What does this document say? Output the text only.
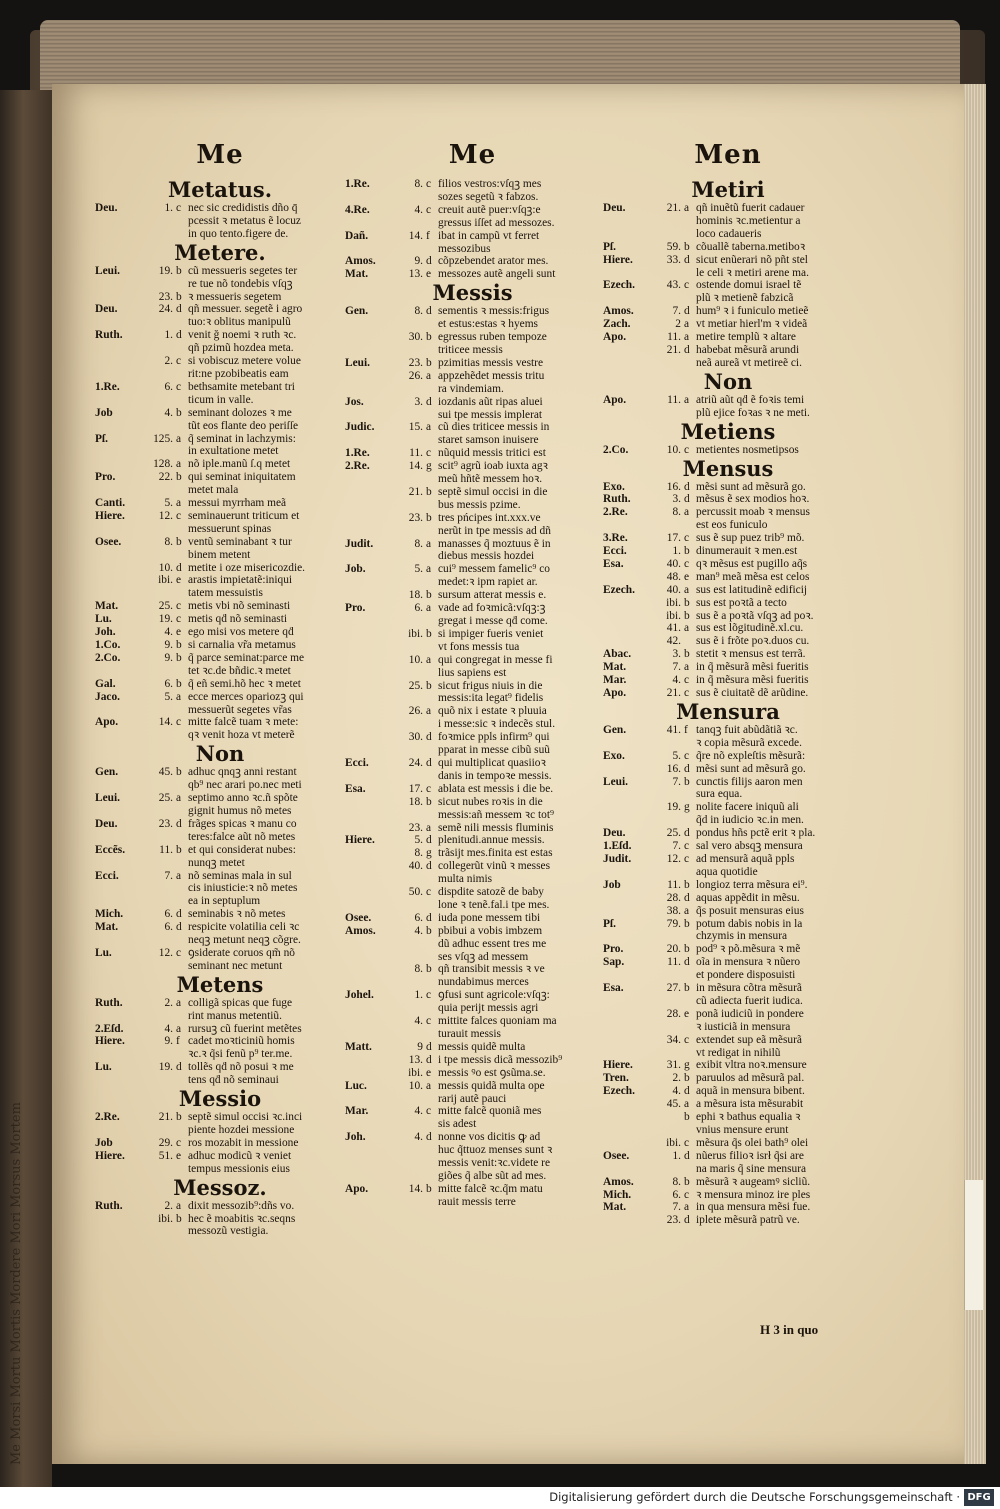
Me Morsi Mortu Mortis Mordere Mori Morsus Mortem
Me
Metatus.
Deu.	1. c nec sic credidistis dño q̄
pcessit ꝛ metatus ẽ locuz
in quo tento.figere de.
Metere.
Leui.	19. b cũ messueris segetes ter
re tue nõ tondebis vſqꝫ
23. b ꝛ messueris segetem
Deu.	24. d qñ messuer. segetẽ i agro
tuo:ꝛ oblitus manipulũ
Ruth.	1. d venit ğ noemi ꝛ ruth ꝛc.
qñ pzimũ hozdea meta.
2. c si vobiscuz metere volue
rit:ne pzobibeatis eam
1.Re.	6. c bethsamite metebant tri
ticum in valle.
Job	4. b seminant dolozes ꝛ me
tũt eos flante deo periſſe
Pſ.	125. a q̃ seminat in lachzymis:
in exultatione metet
128. a nõ iple.manũ ſ.q metet
Pro.	22. b qui seminat iniquitatem
metet mala
Canti.	5. a messui myrrham meã
Hiere.	12. c seminauerunt triticum et
messuerunt spinas
Osee.	8. b ventũ seminabant ꝛ tur
binem metent
10. d metite i oze misericozdie.
ibi. e arastis impietatẽ:iniqui
tatem messuistis
Mat.	25. c metis vbi nõ seminasti
Lu.	19. c metis qḋ nõ seminasti
Joh.	4. e ego misi vos metere qḋ
1.Co.	9. b si carnalia vr̃a metamus
2.Co.	9. b q̃ parce seminat:parce me
tet ꝛc.de bñdic.ꝛ metet
Gal.	6. b q̃ eñ semi.hõ hec ꝛ metet
Jaco.	5. a ecce merces opariozꝫ qui
messuerũt segetes vr̃as
Apo.	14. c mitte falcẽ tuam ꝛ mete:
qꝛ venit hoza vt meterẽ
Non
Gen.	45. b adhuc qnqꝫ anni restant
qb⁹ nec arari po.nec meti
Leui.	25. a septimo anno ꝛc.ñ spõte
gignit humus nõ metes
Deu.	23. d frãges spicas ꝛ manu co
teres:falce aũt nõ metes
Eccẽs.	11. b et qui considerat nubes:
nunqꝫ metet
Ecci.	7. a nõ seminas mala in sul
cis iniusticie:ꝛ nõ metes
ea in septuplum
Mich.	6. d seminabis ꝛ nõ metes
Mat.	6. d respicite volatilia celi ꝛc
neqꝫ metunt neqꝫ cõgre.
Lu.	12. c ꝯsiderate coruos qm̃ nõ
seminant nec metunt
Metens
Ruth.	2. a colligã spicas que fuge
rint manus metentiũ.
2.Eſd.	4. a rursuꝫ cũ fuerint metẽtes
Hiere.	9. f cadet moꝛticiniũ homis
ꝛc.ꝛ q̃si fenũ p⁹ ter.me.
Lu.	19. d tollẽs qḋ nõ posui ꝛ me
tens qḋ nõ seminaui
Messio
2.Re.	21. b septẽ simul occisi ꝛc.inci
piente hozdei messione
Job	29. c ros mozabit in messione
Hiere.	51. e adhuc modicũ ꝛ veniet
tempus messionis eius
Messoz.
Ruth.	2. a dixit messozib⁹:dñs vo.
ibi. b hec ẽ moabitis ꝛc.seqns
messozũ vestigia.
Me
1.Re.	8. c filios vestros:vſqꝫ mes
sozes segetũ ꝛ fabzos.
4.Re.	4. c creuit autẽ puer:vſqꝫ:e
gressus iſſet ad messozes.
Dañ.	14. f ibat in campũ vt ferret
messozibus
Amos.	9. d cõpzebendet arator mes.
Mat.	13. e messozes autẽ angeli sunt
Messis
Gen.	8. d sementis ꝛ messis:frigus
et estus:estas ꝛ hyems
30. b egressus ruben tempoze
triticee messis
Leui.	23. b pzimitias messis vestre
26. a appzehẽdet messis tritu
ra vindemiam.
Jos.	3. d iozdanis aũt ripas aluei
sui tpe messis implerat
Judic.	15. a cũ dies triticee messis in
staret samson inuisere
1.Re.	11. c nũquid messis tritici est
2.Re.	14. g scit⁹ agrũ ioab iuxta agꝛ
meũ hñtẽ messem hoꝛ.
21. b septẽ simul occisi in die
bus messis pzime.
23. b tres pńcipes int.xxx.ve
nerũt in tpe messis ad dñ
Judit.	8. a manasses q̃ moztuus ẽ in
diebus messis hozdei
Job.	5. a cui⁹ messem famelic⁹ co
medet:ꝛ ipm rapiet ar.
18. b sursum atterat messis e.
Pro.	6. a vade ad foꝛmicã:vſqꝫ:ꝫ
gregat i messe qḋ come.
ibi. b si impiger fueris veniet
vt fons messis tua
10. a qui congregat in messe fi
lius sapiens est
25. b sicut frigus niuis in die
messis:ita legat⁹ fidelis
26. a quõ nix i estate ꝛ pluuia
i messe:sic ꝛ indecẽs stul.
30. d foꝛmice ppl̃s infirm⁹ qui
pparat in messe cibũ suũ
Ecci.	24. d qui multiplicat quasiioꝛ
danis in tempoꝛe messis.
Esa.	17. c ablata est messis i die be.
18. b sicut nubes roꝛis in die
messis:añ messem ꝛc tot⁹
23. a semẽ nili messis fluminis
Hiere.	5. d plenitudi.annue messis.
8. g trãsijt mes.finita est estas
40. d collegerũt vinũ ꝛ messes
multa nimis
50. c dispdite satozẽ de baby
lone ꝛ tenẽ.fal.i tpe mes.
Osee.	6. d iuda pone messem tibi
Amos.	4. b pbibui a vobis imbzem
dũ adhuc essent tres me
ses vſqꝫ ad messem
8. b qñ transibit messis ꝛ ve
nundabimus merces
Johel.	1. c ꝯfusi sunt agricole:vſqꝫ:
quia perijt messis agri
4. c mittite falces quoniam ma
turauit messis
Matt.	9 d messis quidẽ multa
13. d i tpe messis dicã messozib⁹
ibi. e messis ꝰo est ꝯsũma.se.
Luc.	10. a messis quidã multa ope
rarij autẽ pauci
Mar.	4. c mitte falcẽ quoniã mes
sis adest
Joh.	4. d nonne vos dicitis ꝙ ad
huc q̃ttuoz menses sunt ꝛ
messis venit:ꝛc.videte re
giões q̃ albe sũt ad mes.
Apo.	14. b mitte falcẽ ꝛc.q̃m matu
rauit messis terre
Men
Metiri
Deu.	21. a qñ inuẽtũ fuerit cadauer
hominis ꝛc.metientur a
loco cadaueris
Pſ.	59. b cõuallẽ taberna.metiboꝛ
Hiere.	33. d sicut enũerari nõ pñt stel
le celi ꝛ metiri arene ma.
Ezech.	43. c ostende domui israel tẽ
plũ ꝛ metienẽ fabzicã
Amos.	7. d hum⁹ ꝛ i funiculo metieẽ
Zach.	2 a vt metiar hierl'm ꝛ videã
Apo.	11. a metire templũ ꝛ altare
21. d habebat mẽsurã arundi
neã aureã vt metireẽ ci.
Non
Apo.	11. a atriũ aũt qḋ ẽ foꝛis temi
plũ ejice foꝛas ꝛ ne meti.
Metiens
2.Co.	10. c metientes nosmetipsos
Mensus
Exo.	16. d mẽsi sunt ad mẽsurã go.
Ruth.	3. d mẽsus ẽ sex modios hoꝛ.
2.Re.	8. a percussit moab ꝛ mensus
est eos funiculo
3.Re.	17. c sus ẽ sup puez trib⁹ mõ.
Ecci.	1. b dinumerauit ꝛ men.est
Esa.	40. c qꝛ mẽsus est pugillo aq̃s
48. e man⁹ meã mẽsa est celos
Ezech.	40. a sus est latitudinẽ edificij
ibi. b sus est poꝛtã a tecto
ibi. b sus ẽ a poꝛtã vſqꝫ ad poꝛ.
41. a sus est lõgitudinẽ.xl.cu.
42. sus ẽ i frõte poꝛ.duos cu.
Abac.	3. b stetit ꝛ mensus est terrã.
Mat.	7. a in q̃ mẽsurã mẽsi fueritis
Mar.	4. c in q̃ mẽsura mẽsi fueritis
Apo.	21. c sus ẽ ciuitatẽ dẽ arũdine.
Mensura
Gen.	41. f tanqꝫ fuit abũdãtiã ꝛc.
ꝛ copia mẽsurã excede.
Exo.	5. c q̃re nõ expleſtis mẽsurã:
16. d mẽsi sunt ad mẽsurã go.
Leui.	7. b cunctis filijs aaron men
sura equa.
19. g nolite facere iniquũ ali
q̃d in iudicio ꝛc.in men.
Deu.	25. d pondus hñs pctẽ erit ꝛ pla.
1.Eſd.	7. c sal vero absqꝫ mensura
Judit.	12. c ad mensurã aquã ppl̃s
aqua quotidie
Job	11. b longioz terra mẽsura ei⁹.
28. d aquas appẽdit in mẽsu.
38. a q̃s posuit mensuras eius
Pſ.	79. b potum dabis nobis in la
chzymis in mensura
Pro.	20. b pod⁹ ꝛ põ.mẽsura ꝛ mẽ
Sap.	11. d oĩa in mensura ꝛ nũero
et pondere disposuisti
Esa.	27. b in mẽsura cõtra mẽsurã
cũ adiecta fuerit iudica.
28. e ponã iudiciũ in pondere
ꝛ iusticiã in mensura
34. c extendet sup eã mẽsurã
vt redigat in nihilũ
Hiere.	31. g exibit vltra noꝛ.mensure
Tren.	2. b paruulos ad mẽsurã pal.
Ezech.	4. d aquã in mensura bibent.
45. a a mẽsura ista mẽsurabit
b ephi ꝛ bathus equalia ꝛ
vnius mensure erunt
ibi. c mẽsura q̃s olei bath⁹ olei
Osee.	1. d nũerus filioꝛ isrł q̃si are
na maris q̃ sine mensura
Amos.	8. b mẽsurã ꝛ augeamꝰ sicliũ.
Mich.	6. c ꝛ mensura minoz ire ples
Mat.	7. a in qua mensura mẽsi fue.
23. d iplete mẽsurã patrũ ve.
H 3 in quo
Digitalisierung gefördert durch die Deutsche Forschungsgemeinschaft · DFG
